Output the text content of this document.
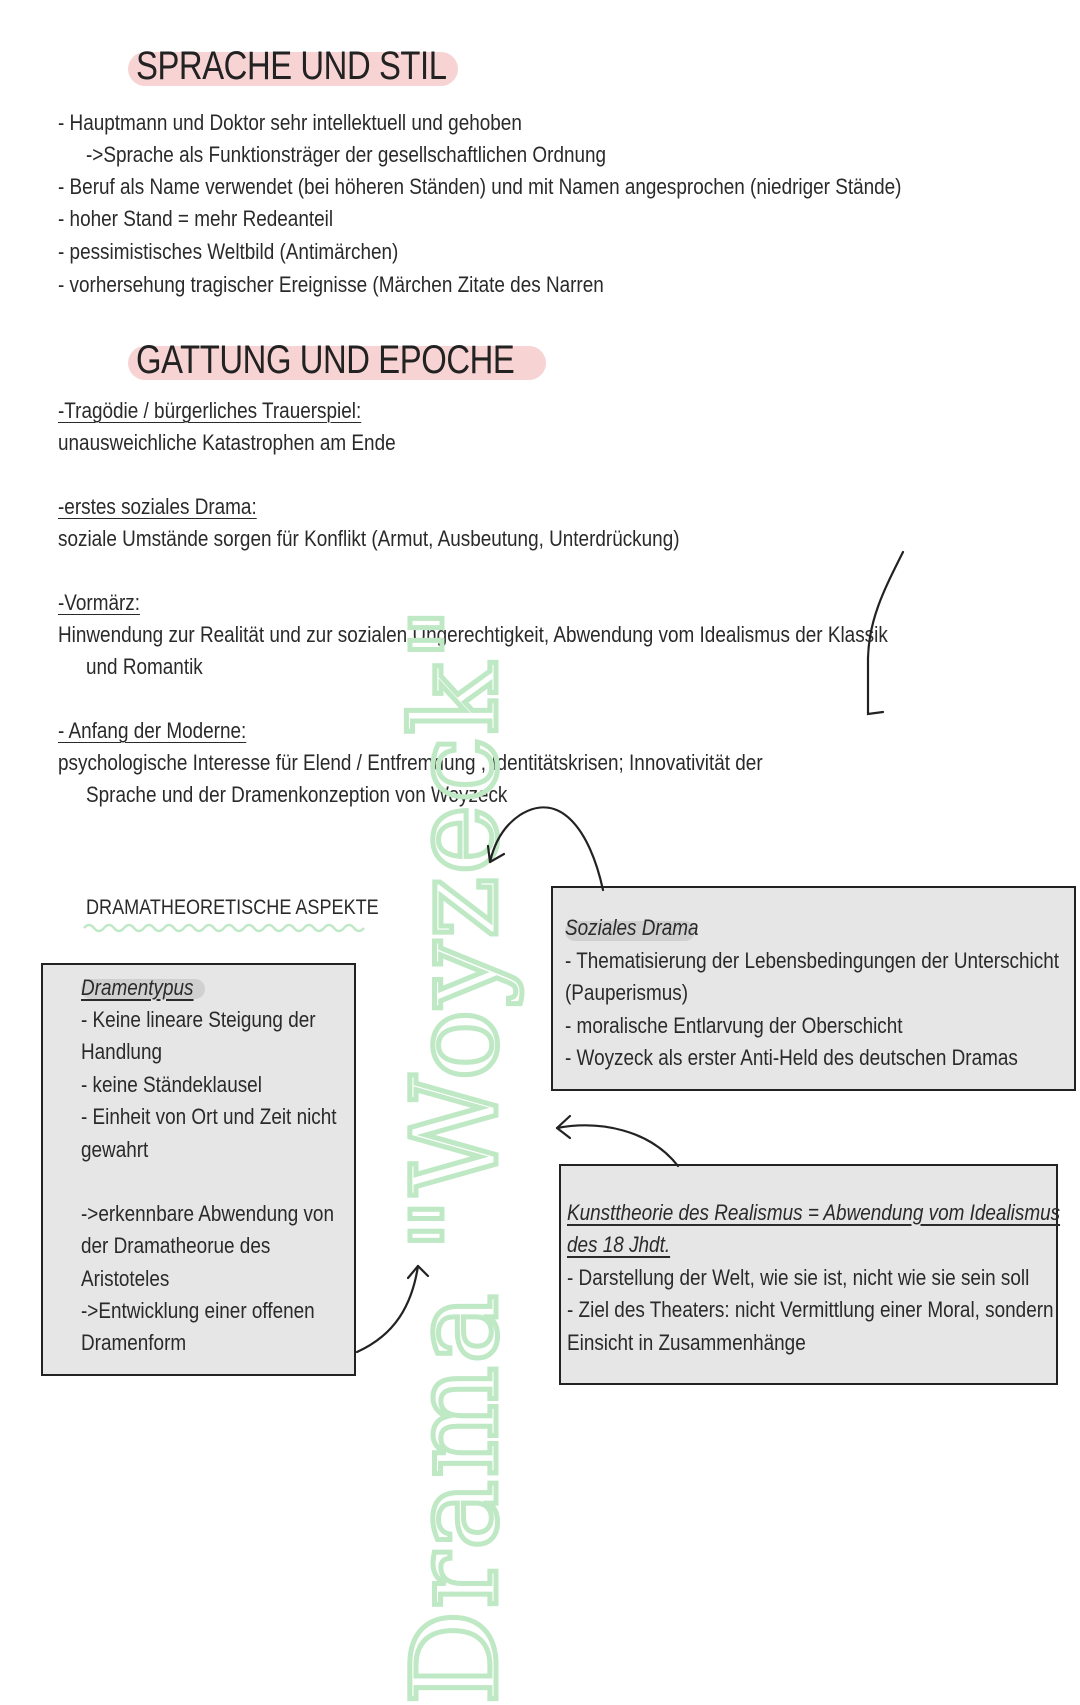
SPRACHE UND STIL
- Hauptmann und Doktor sehr intellektuell und gehoben
->Sprache als Funktionsträger der gesellschaftlichen Ordnung
- Beruf als Name verwendet (bei höheren Ständen) und mit Namen angesprochen (niedriger Stände)
- hoher Stand = mehr Redeanteil
- pessimistisches Weltbild (Antimärchen)
- vorhersehung tragischer Ereignisse (Märchen Zitate des Narren
GATTUNG UND EPOCHE
-Tragödie / bürgerliches Trauerspiel:
unausweichliche Katastrophen am Ende
-erstes soziales Drama:
soziale Umstände sorgen für Konflikt (Armut, Ausbeutung, Unterdrückung)
-Vormärz:
Hinwendung zur Realität und zur sozialen Ungerechtigkeit, Abwendung vom Idealismus der Klassik
und Romantik
- Anfang der Moderne:
psychologische Interesse für Elend / Entfremdung , Identitätskrisen; Innovativität der
Sprache und der Dramenkonzeption von Woyzeck
Drama "Woyzeck"
DRAMATHEORETISCHE ASPEKTE
Dramentypus
- Keine lineare Steigung der
Handlung
- keine Ständeklausel
- Einheit von Ort und Zeit nicht
gewahrt
->erkennbare Abwendung von
der Dramatheorue des
Aristoteles
->Entwicklung einer offenen
Dramenform
Soziales Drama
- Thematisierung der Lebensbedingungen der Unterschicht
(Pauperismus)
- moralische Entlarvung der Oberschicht
- Woyzeck als erster Anti-Held des deutschen Dramas
Kunsttheorie des Realismus = Abwendung vom Idealismus
des 18 Jhdt.
- Darstellung der Welt, wie sie ist, nicht wie sie sein soll
- Ziel des Theaters: nicht Vermittlung einer Moral, sondern
Einsicht in Zusammenhänge
